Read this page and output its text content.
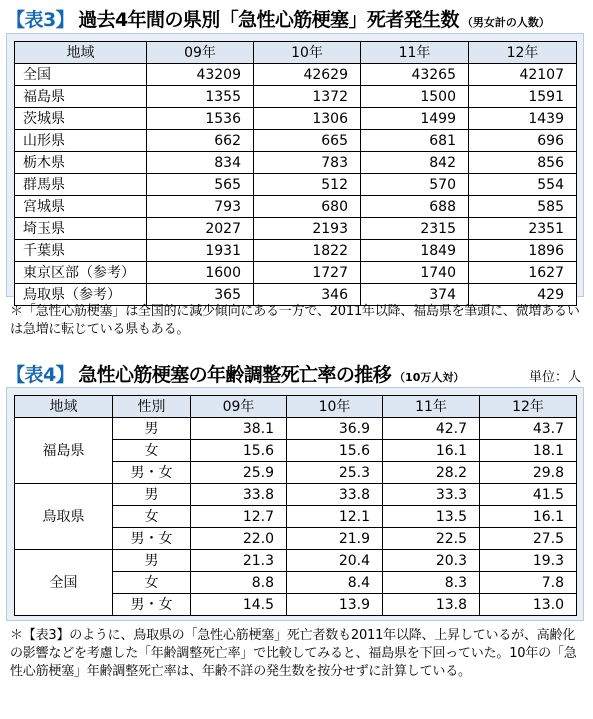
【表3】 過去4年間の県別「急性心筋梗塞」死者発生数 （男女計の人数）
地域	09年	10年	11年	12年
全国	43209	42629	43265	42107
福島県	1355	1372	1500	1591
茨城県	1536	1306	1499	1439
山形県	662	665	681	696
栃木県	834	783	842	856
群馬県	565	512	570	554
宮城県	793	680	688	585
埼玉県	2027	2193	2315	2351
千葉県	1931	1822	1849	1896
東京区部（参考）	1600	1727	1740	1627
鳥取県（参考）	365	346	374	429
＊「急性心筋梗塞」は全国的に減少傾向にある一方で、2011年以降、福島県を筆頭に、微増あるいは急増に転じている県もある。
【表4】 急性心筋梗塞の年齢調整死亡率の推移 （10万人対）	単位：人
地域	性別	09年	10年	11年	12年
福島県	男	38.1	36.9	42.7	43.7
	女	15.6	15.6	16.1	18.1
	男・女	25.9	25.3	28.2	29.8
鳥取県	男	33.8	33.8	33.3	41.5
	女	12.7	12.1	13.5	16.1
	男・女	22.0	21.9	22.5	27.5
全国	男	21.3	20.4	20.3	19.3
	女	8.8	8.4	8.3	7.8
	男・女	14.5	13.9	13.8	13.0
＊【表3】のように、鳥取県の「急性心筋梗塞」死亡者数も2011年以降、上昇しているが、高齢化の影響などを考慮した「年齢調整死亡率」で比較してみると、福島県を下回っていた。10年の「急性心筋梗塞」年齢調整死亡率は、年齢不詳の発生数を按分せずに計算している。
